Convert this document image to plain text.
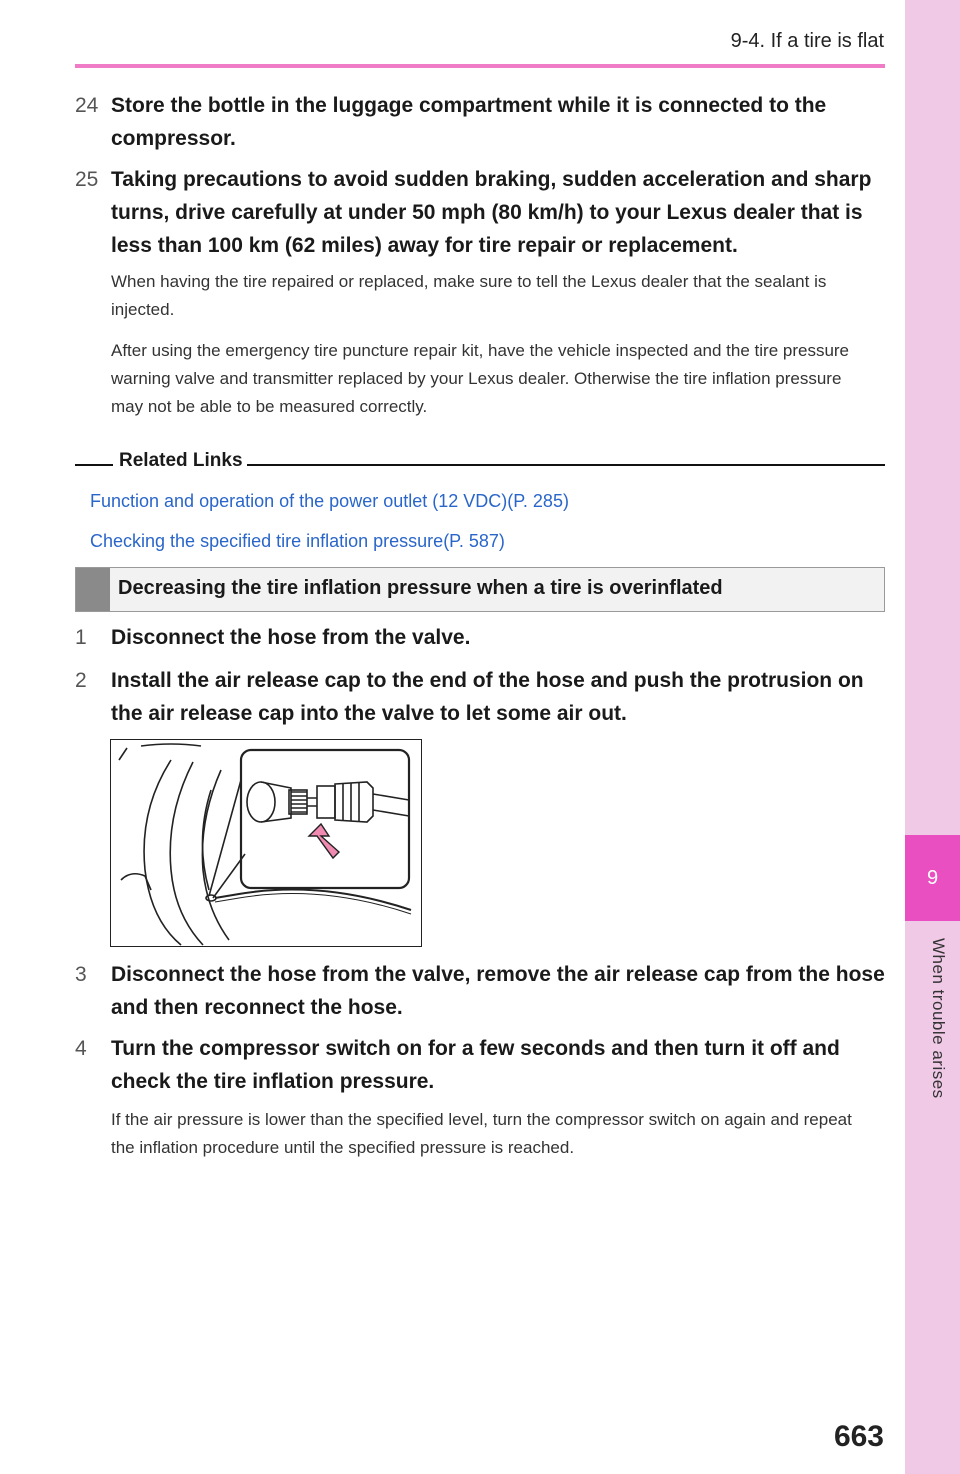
9-4. If a tire is flat
9
When trouble arises
24 Store the bottle in the luggage compartment while it is connected to the compressor.
25 Taking precautions to avoid sudden braking, sudden acceleration and sharp turns, drive carefully at under 50 mph (80 km/h) to your Lexus dealer that is less than 100 km (62 miles) away for tire repair or replacement.
When having the tire repaired or replaced, make sure to tell the Lexus dealer that the sealant is injected.
After using the emergency tire puncture repair kit, have the vehicle inspected and the tire pressure warning valve and transmitter replaced by your Lexus dealer. Otherwise the tire inflation pressure may not be able to be measured correctly.
Related Links
Function and operation of the power outlet (12 VDC)(P. 285)
Checking the specified tire inflation pressure(P. 587)
Decreasing the tire inflation pressure when a tire is overinflated
1	Disconnect the hose from the valve.
2	Install the air release cap to the end of the hose and push the protrusion on the air release cap into the valve to let some air out.
3	Disconnect the hose from the valve, remove the air release cap from the hose and then reconnect the hose.
4	Turn the compressor switch on for a few seconds and then turn it off and check the tire inflation pressure.
If the air pressure is lower than the specified level, turn the compressor switch on again and repeat the inflation procedure until the specified pressure is reached.
663
